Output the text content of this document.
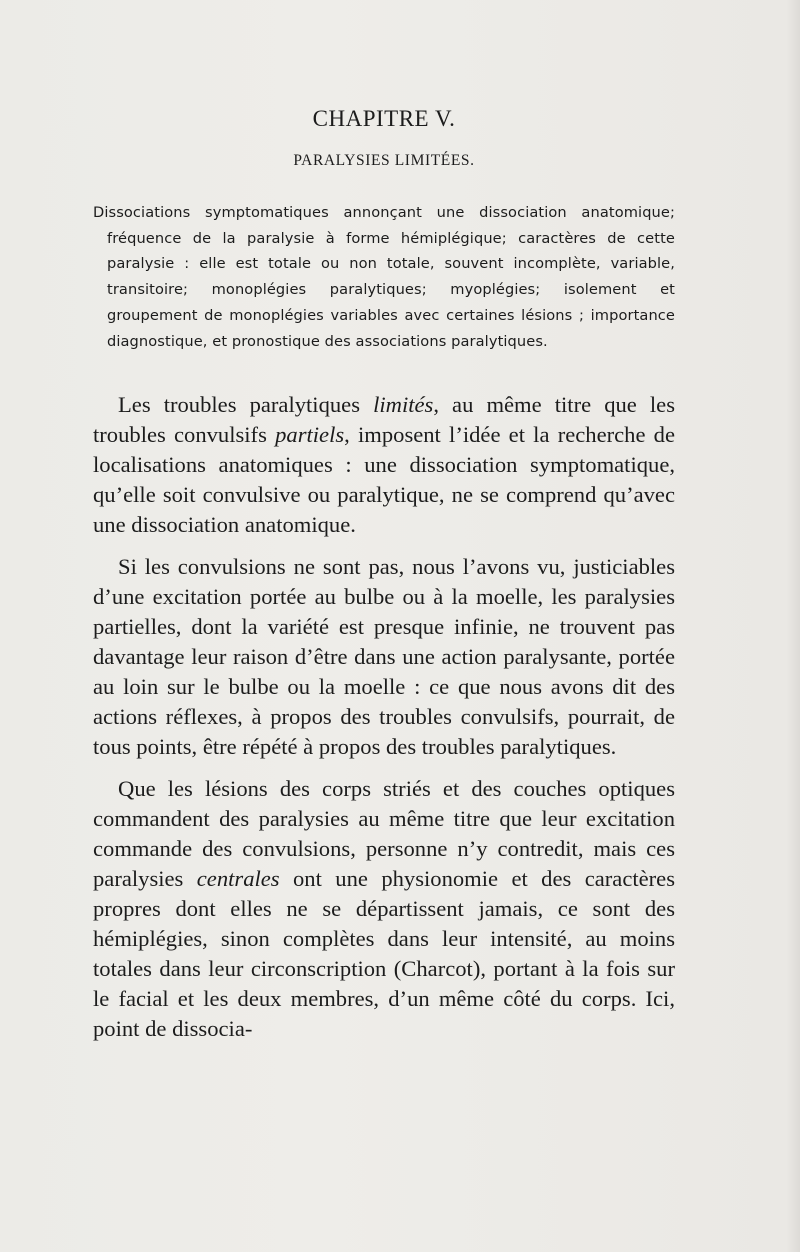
CHAPITRE V.
PARALYSIES LIMITÉES.

Dissociations symptomatiques annonçant une dissociation anatomique; fréquence de la paralysie à forme hémiplégique; caractères de cette paralysie : elle est totale ou non totale, souvent incomplète, variable, transitoire; monoplégies paralytiques; myoplégies; isolement et groupement de monoplégies variables avec certaines lésions ; importance diagnostique, et pronostique des associations paralytiques.

Les troubles paralytiques limités, au même titre que les troubles convulsifs partiels, imposent l’idée et la recherche de localisations anatomiques : une dissociation symptomatique, qu’elle soit convulsive ou paralytique, ne se comprend qu’avec une dissociation anatomique.

Si les convulsions ne sont pas, nous l’avons vu, justiciables d’une excitation portée au bulbe ou à la moelle, les paralysies partielles, dont la variété est presque infinie, ne trouvent pas davantage leur raison d’être dans une action paralysante, portée au loin sur le bulbe ou la moelle : ce que nous avons dit des actions réflexes, à propos des troubles convulsifs, pourrait, de tous points, être répété à propos des troubles paralytiques.

Que les lésions des corps striés et des couches optiques commandent des paralysies au même titre que leur excitation commande des convulsions, personne n’y contredit, mais ces paralysies centrales ont une physionomie et des caractères propres dont elles ne se départissent jamais, ce sont des hémiplégies, sinon complètes dans leur intensité, au moins totales dans leur circonscription (Charcot), portant à la fois sur le facial et les deux membres, d’un même côté du corps. Ici, point de dissocia-
